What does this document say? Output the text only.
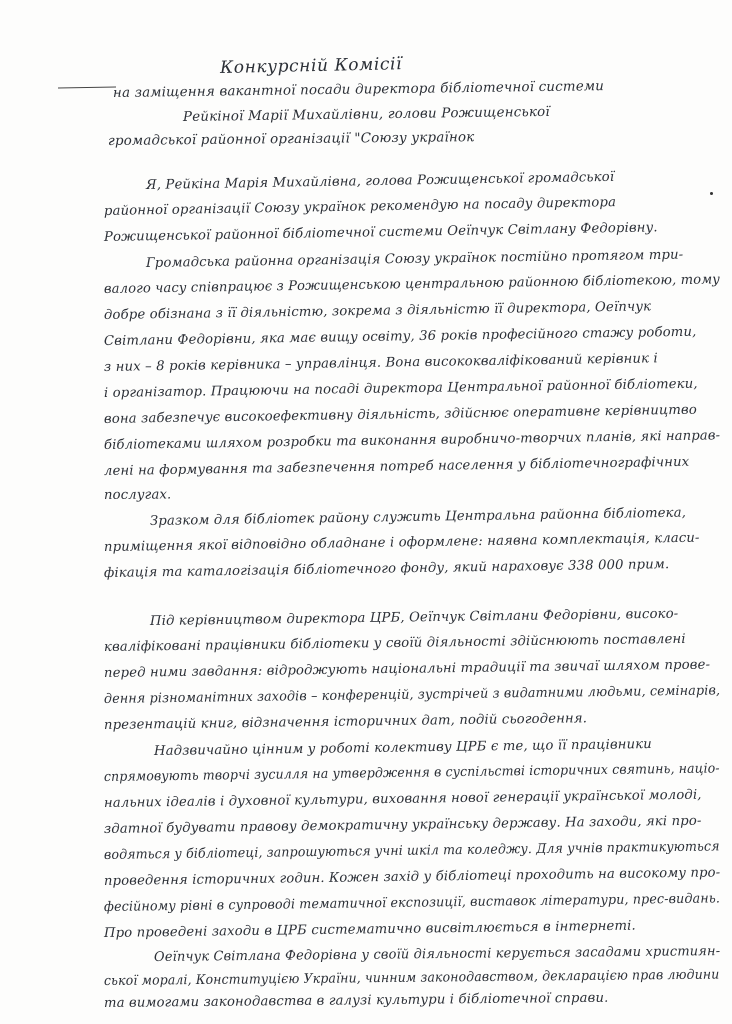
Конкурсній Комісії
на заміщення вакантної посади директора бібліотечної системи
Рейкіної Марії Михайлівни, голови Рожищенської
громадської районної організації "Союзу українок
Я, Рейкіна Марія Михайлівна, голова Рожищенської громадської
районної організації Союзу українок рекомендую на посаду директора
Рожищенської районної бібліотечної системи Оеїпчук Світлану Федорівну.
Громадська районна організація Союзу українок постійно протягом три-
валого часу співпрацює з Рожищенською центральною районною бібліотекою, тому
добре обізнана з її діяльністю, зокрема з діяльністю її директора, Оеїпчук
Світлани Федорівни, яка має вищу освіту, 36 років професійного стажу роботи,
з них – 8 років керівника – управлінця. Вона висококваліфікований керівник і
і організатор. Працюючи на посаді директора Центральної районної бібліотеки,
вона забезпечує високоефективну діяльність, здійснює оперативне керівництво
бібліотеками шляхом розробки та виконання виробничо-творчих планів, які направ-
лені на формування та забезпечення потреб населення у бібліотечнографічних
послугах.
Зразком для бібліотек району служить Центральна районна бібліотека,
приміщення якої відповідно обладнане і оформлене: наявна комплектація, класи-
фікація та каталогізація бібліотечного фонду, який нараховує 338 000 прим.
Під керівництвом директора ЦРБ, Оеїпчук Світлани Федорівни, високо-
кваліфіковані працівники бібліотеки у своїй діяльності здійснюють поставлені
перед ними завдання: відроджують національні традиції та звичаї шляхом прове-
дення різноманітних заходів – конференцій, зустрічей з видатними людьми, семінарів,
презентацій книг, відзначення історичних дат, подій сьогодення.
Надзвичайно цінним у роботі колективу ЦРБ є те, що її працівники
спрямовують творчі зусилля на утвердження в суспільстві історичних святинь, націо-
нальних ідеалів і духовної культури, виховання нової генерації української молоді,
здатної будувати правову демократичну українську державу. На заходи, які про-
водяться у бібліотеці, запрошуються учні шкіл та коледжу. Для учнів практикуються
проведення історичних годин. Кожен захід у бібліотеці проходить на високому про-
фесійному рівні в супроводі тематичної експозиції, виставок літератури, прес-видань.
Про проведені заходи в ЦРБ систематично висвітлюється в інтернеті.
Оеїпчук Світлана Федорівна у своїй діяльності керується засадами християн-
ської моралі, Конституцією України, чинним законодавством, декларацією прав людини
та вимогами законодавства в галузі культури і бібліотечної справи.
